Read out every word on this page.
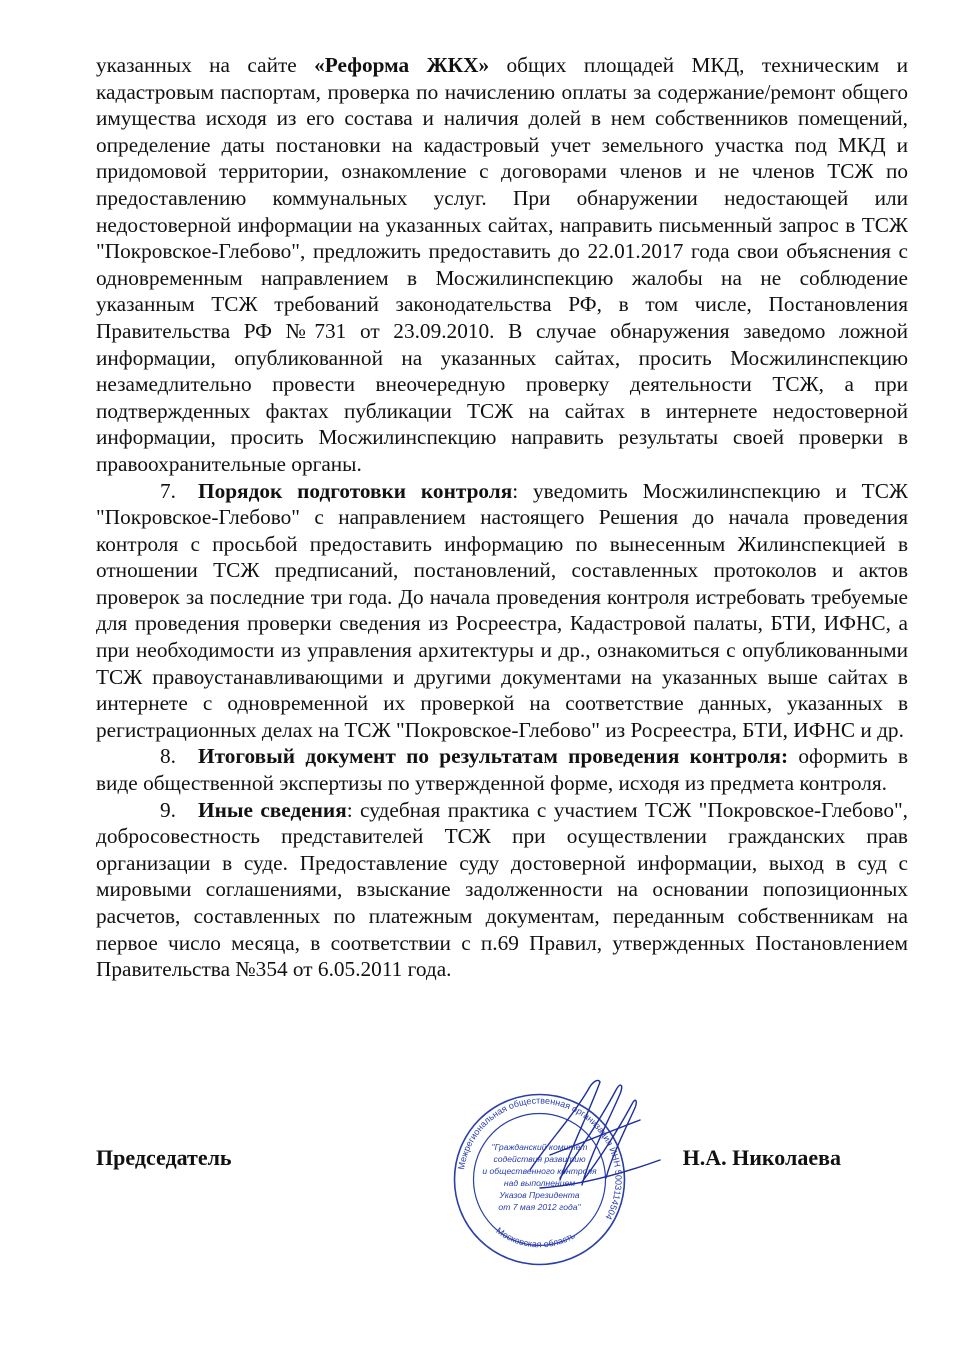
указанных на сайте «Реформа ЖКХ» общих площадей МКД, техническим и кадастровым паспортам, проверка по начислению оплаты за содержание/ремонт общего имущества исходя из его состава и наличия долей в нем собственников помещений, определение даты постановки на кадастровый учет земельного участка под МКД и придомовой территории, ознакомление с договорами членов и не членов ТСЖ по предоставлению коммунальных услуг. При обнаружении недостающей или недостоверной информации на указанных сайтах, направить письменный запрос в ТСЖ "Покровское-Глебово", предложить предоставить до 22.01.2017 года свои объяснения с одновременным направлением в Мосжилинспекцию жалобы на не соблюдение указанным ТСЖ требований законодательства РФ, в том числе, Постановления Правительства РФ №731 от 23.09.2010. В случае обнаружения заведомо ложной информации, опубликованной на указанных сайтах, просить Мосжилинспекцию незамедлительно провести внеочередную проверку деятельности ТСЖ, а при подтвержденных фактах публикации ТСЖ на сайтах в интернете недостоверной информации, просить Мосжилинспекцию направить результаты своей проверки в правоохранительные органы.

7. Порядок подготовки контроля: уведомить Мосжилинспекцию и ТСЖ "Покровское-Глебово" с направлением настоящего Решения до начала проведения контроля с просьбой предоставить информацию по вынесенным Жилинспекцией в отношении ТСЖ предписаний, постановлений, составленных протоколов и актов проверок за последние три года. До начала проведения контроля истребовать требуемые для проведения проверки сведения из Росреестра, Кадастровой палаты, БТИ, ИФНС, а при необходимости из управления архитектуры и др., ознакомиться с опубликованными ТСЖ правоустанавливающими и другими документами на указанных выше сайтах в интернете с одновременной их проверкой на соответствие данных, указанных в регистрационных делах на ТСЖ "Покровское-Глебово" из Росреестра, БТИ, ИФНС и др.

8. Итоговый документ по результатам проведения контроля: оформить в виде общественной экспертизы по утвержденной форме, исходя из предмета контроля.

9. Иные сведения: судебная практика с участием ТСЖ "Покровское-Глебово", добросовестность представителей ТСЖ при осуществлении гражданских прав организации в суде. Предоставление суду достоверной информации, выход в суд с мировыми соглашениями, взыскание задолженности на основании попозиционных расчетов, составленных по платежным документам, переданным собственникам на первое число месяца, в соответствии с п.69 Правил, утвержденных Постановлением Правительства №354 от 6.05.2011 года.

Председатель	Н.А. Николаева
Межрегиональная общественная организация ИНН 5003114504
Московская область
"Гражданский комитет
содействия развитию
и общественного контроля
над выполнением
Указов Президента
от 7 мая 2012 года"
